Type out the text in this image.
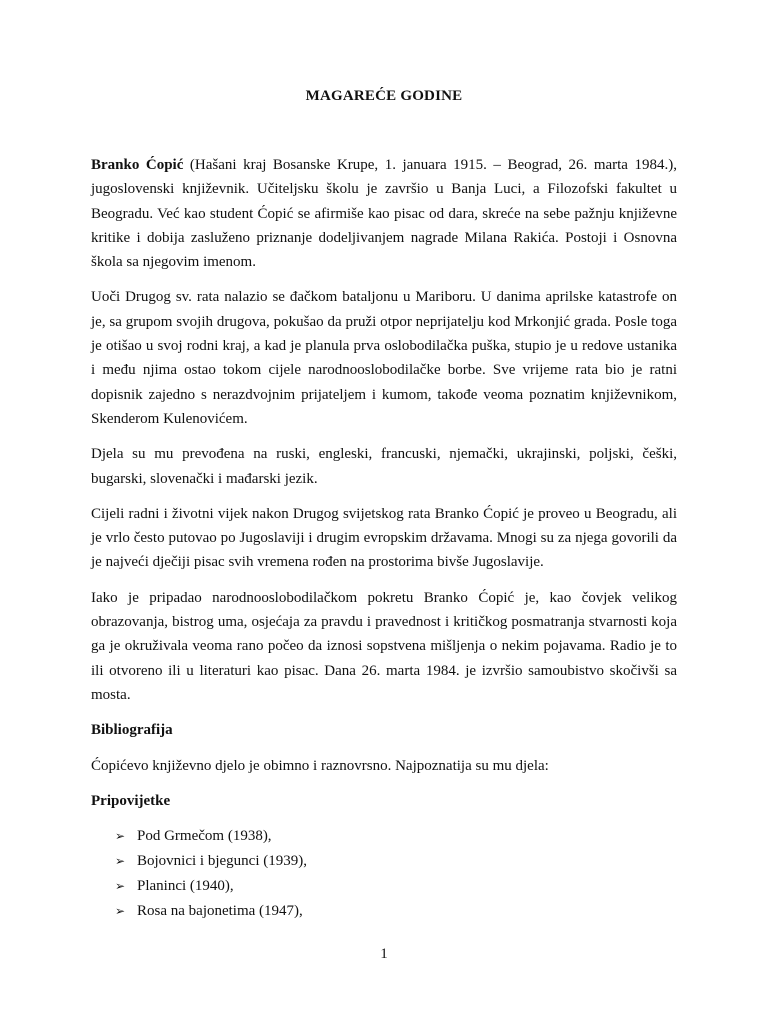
MAGAREĆE GODINE

Branko Ćopić (Hašani kraj Bosanske Krupe, 1. januara 1915. – Beograd, 26. marta 1984.), jugoslovenski književnik. Učiteljsku školu je završio u Banja Luci, a Filozofski fakultet u Beogradu. Već kao student Ćopić se afirmiše kao pisac od dara, skreće na sebe pažnju književne kritike i dobija zasluženo priznanje dodeljivanjem nagrade Milana Rakića. Postoji i Osnovna škola sa njegovim imenom.

Uoči Drugog sv. rata nalazio se đačkom bataljonu u Mariboru. U danima aprilske katastrofe on je, sa grupom svojih drugova, pokušao da pruži otpor neprijatelju kod Mrkonjić grada. Posle toga je otišao u svoj rodni kraj, a kad je planula prva oslobodilačka puška, stupio je u redove ustanika i među njima ostao tokom cijele narodnooslobodilačke borbe. Sve vrijeme rata bio je ratni dopisnik zajedno s nerazdvojnim prijateljem i kumom, takođe veoma poznatim književnikom, Skenderom Kulenovićem.

Djela su mu prevođena na ruski, engleski, francuski, njemački, ukrajinski, poljski, češki, bugarski, slovenački i mađarski jezik.

Cijeli radni i životni vijek nakon Drugog svijetskog rata Branko Ćopić je proveo u Beogradu, ali je vrlo često putovao po Jugoslaviji i drugim evropskim državama. Mnogi su za njega govorili da je najveći dječiji pisac svih vremena rođen na prostorima bivše Jugoslavije.

Iako je pripadao narodnooslobodilačkom pokretu Branko Ćopić je, kao čovjek velikog obrazovanja, bistrog uma, osjećaja za pravdu i pravednost i kritičkog posmatranja stvarnosti koja ga je okruživala veoma rano počeo da iznosi sopstvena mišljenja o nekim pojavama. Radio je to ili otvoreno ili u literaturi kao pisac. Dana 26. marta 1984. je izvršio samoubistvo skočivši sa mosta.

Bibliografija

Ćopićevo književno djelo je obimno i raznovrsno. Najpoznatija su mu djela:

Pripovijetke
➢ Pod Grmečom (1938),
➢ Bojovnici i bjegunci (1939),
➢ Planinci (1940),
➢ Rosa na bajonetima (1947),
1
